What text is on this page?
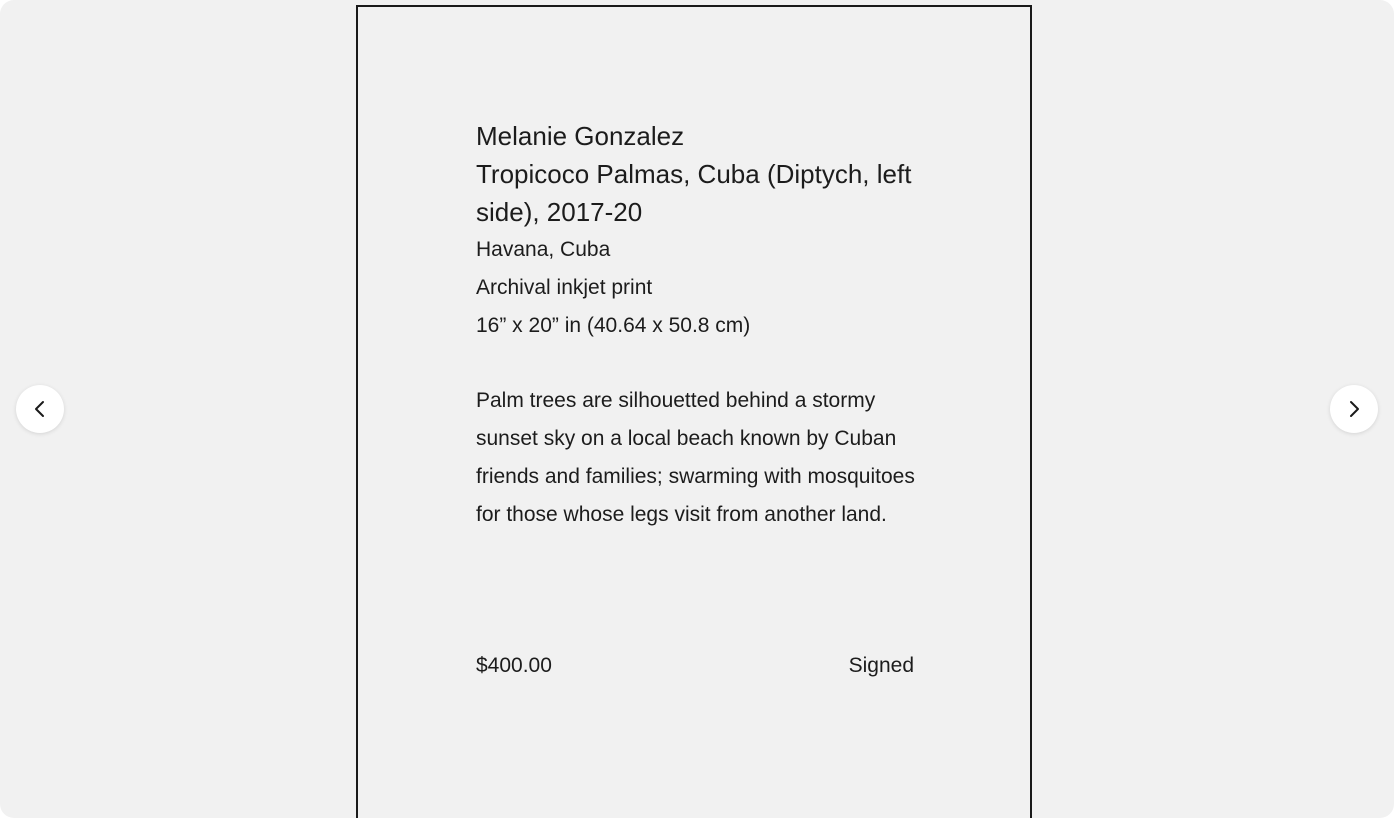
Melanie Gonzalez

Tropicoco Palmas, Cuba (Diptych, left side), 2017-20

Havana, Cuba

Archival inkjet print

16” x 20” in (40.64 x 50.8 cm)

Palm trees are silhouetted behind a stormy sunset sky on a local beach known by Cuban friends and families; swarming with mosquitoes for those whose legs visit from another land.

$400.00	Signed
